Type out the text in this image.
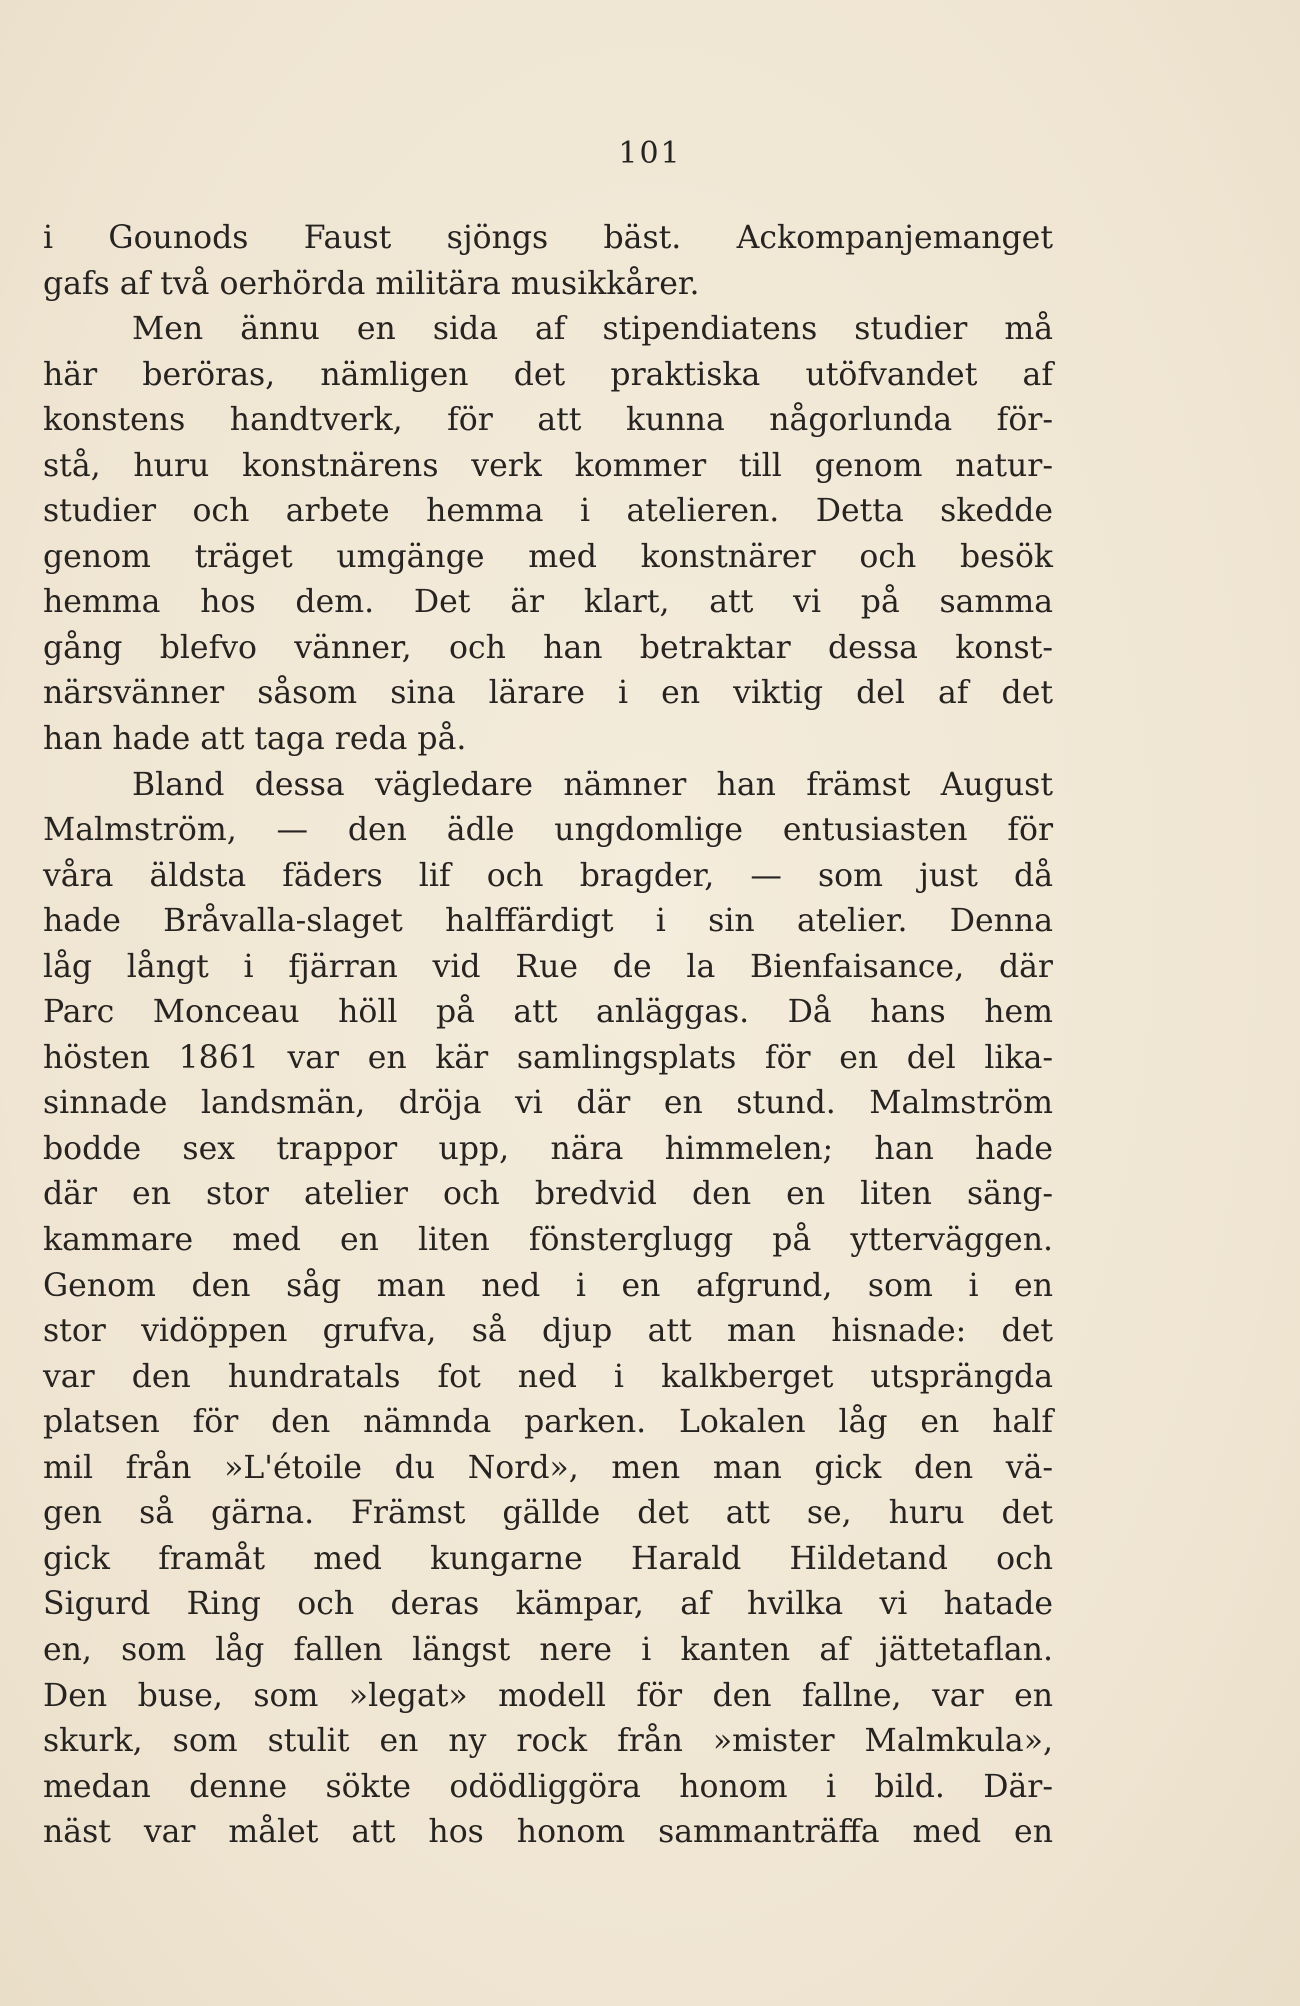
101
i Gounods Faust sjöngs bäst. Ackompanjemanget
gafs af två oerhörda militära musikkårer.
Men ännu en sida af stipendiatens studier må
här beröras, nämligen det praktiska utöfvandet af
konstens handtverk, för att kunna någorlunda för-
stå, huru konstnärens verk kommer till genom natur-
studier och arbete hemma i atelieren. Detta skedde
genom träget umgänge med konstnärer och besök
hemma hos dem. Det är klart, att vi på samma
gång blefvo vänner, och han betraktar dessa konst-
närsvänner såsom sina lärare i en viktig del af det
han hade att taga reda på.
Bland dessa vägledare nämner han främst August
Malmström, — den ädle ungdomlige entusiasten för
våra äldsta fäders lif och bragder, — som just då
hade Bråvalla-slaget halffärdigt i sin atelier. Denna
låg långt i fjärran vid Rue de la Bienfaisance, där
Parc Monceau höll på att anläggas. Då hans hem
hösten 1861 var en kär samlingsplats för en del lika-
sinnade landsmän, dröja vi där en stund. Malmström
bodde sex trappor upp, nära himmelen; han hade
där en stor atelier och bredvid den en liten säng-
kammare med en liten fönsterglugg på ytterväggen.
Genom den såg man ned i en afgrund, som i en
stor vidöppen grufva, så djup att man hisnade: det
var den hundratals fot ned i kalkberget utsprängda
platsen för den nämnda parken. Lokalen låg en half
mil från »L'étoile du Nord», men man gick den vä-
gen så gärna. Främst gällde det att se, huru det
gick framåt med kungarne Harald Hildetand och
Sigurd Ring och deras kämpar, af hvilka vi hatade
en, som låg fallen längst nere i kanten af jättetaflan.
Den buse, som »legat» modell för den fallne, var en
skurk, som stulit en ny rock från »mister Malmkula»,
medan denne sökte odödliggöra honom i bild. Där-
näst var målet att hos honom sammanträffa med en
